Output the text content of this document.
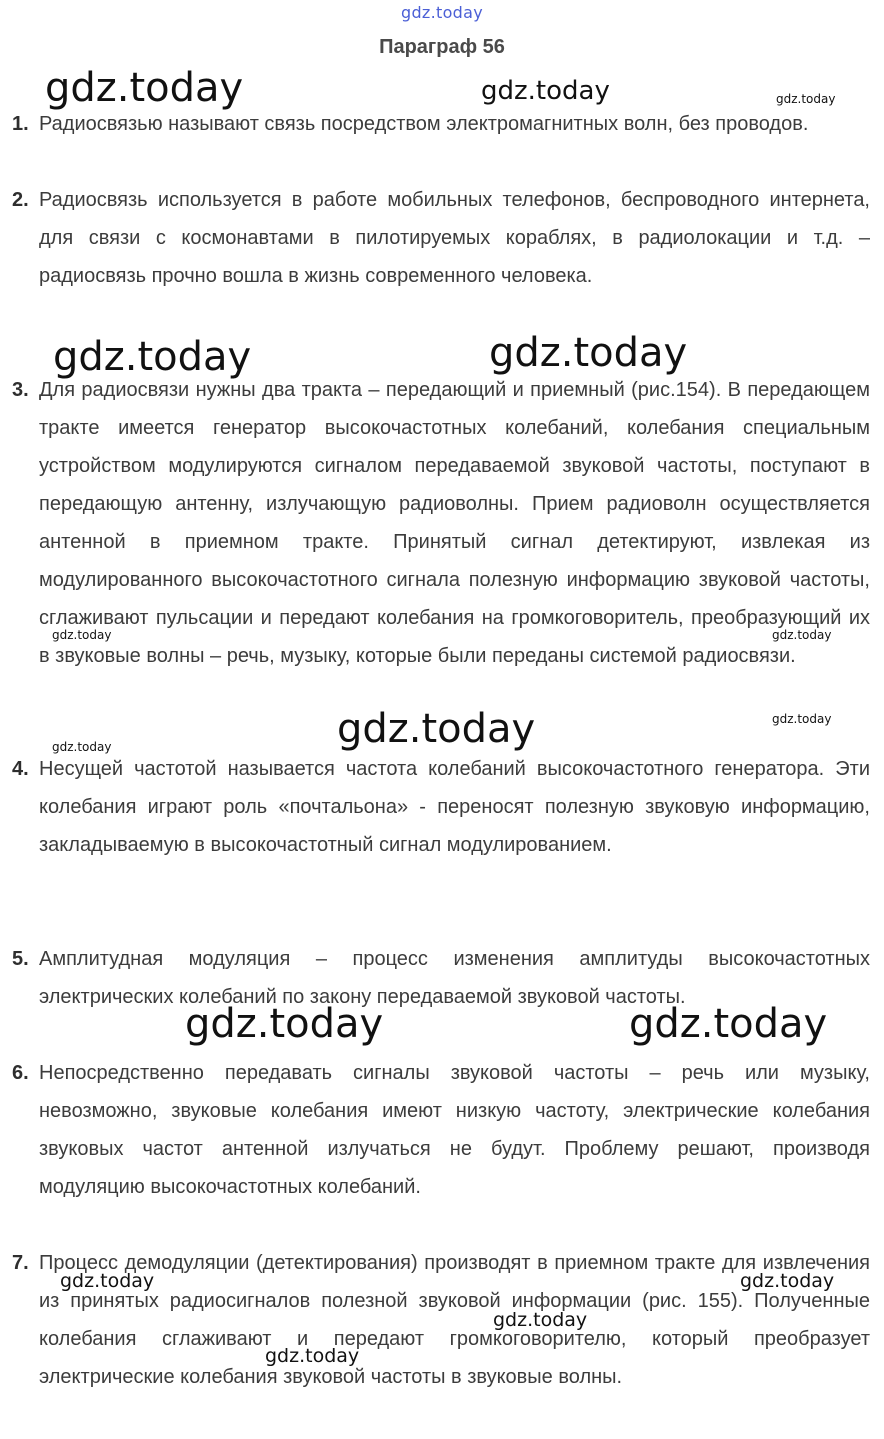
gdz.today
Параграф 56
1. Радиосвязью называют связь посредством электромагнитных волн, без проводов.
2. Радиосвязь используется в работе мобильных телефонов, беспроводного интернета, для связи с космонавтами в пилотируемых кораблях, в радиолокации и т.д. – радиосвязь прочно вошла в жизнь современного человека.
3. Для радиосвязи нужны два тракта – передающий и приемный (рис.154). В передающем тракте имеется генератор высокочастотных колебаний, колебания специальным устройством модулируются сигналом передаваемой звуковой частоты, поступают в передающую антенну, излучающую радиоволны. Прием радиоволн осуществляется антенной в приемном тракте. Принятый сигнал детектируют, извлекая из модулированного высокочастотного сигнала полезную информацию звуковой частоты, сглаживают пульсации и передают колебания на громкоговоритель, преобразующий их в звуковые волны – речь, музыку, которые были переданы системой радиосвязи.
4. Несущей частотой называется частота колебаний высокочастотного генератора. Эти колебания играют роль «почтальона» - переносят полезную звуковую информацию, закладываемую в высокочастотный сигнал модулированием.
5. Амплитудная модуляция – процесс изменения амплитуды высокочастотных электрических колебаний по закону передаваемой звуковой частоты.
6. Непосредственно передавать сигналы звуковой частоты – речь или музыку, невозможно, звуковые колебания имеют низкую частоту, электрические колебания звуковых частот антенной излучаться не будут. Проблему решают, производя модуляцию высокочастотных колебаний.
7. Процесс демодуляции (детектирования) производят в приемном тракте для извлечения из принятых радиосигналов полезной звуковой информации (рис. 155). Полученные колебания сглаживают и передают громкоговорителю, который преобразует электрические колебания звуковой частоты в звуковые волны.
gdz.today	gdz.today	gdz.today
gdz.today	gdz.today
gdz.today	gdz.today
gdz.today	gdz.today
gdz.today
gdz.today	gdz.today
gdz.today	gdz.today
gdz.today
gdz.today
